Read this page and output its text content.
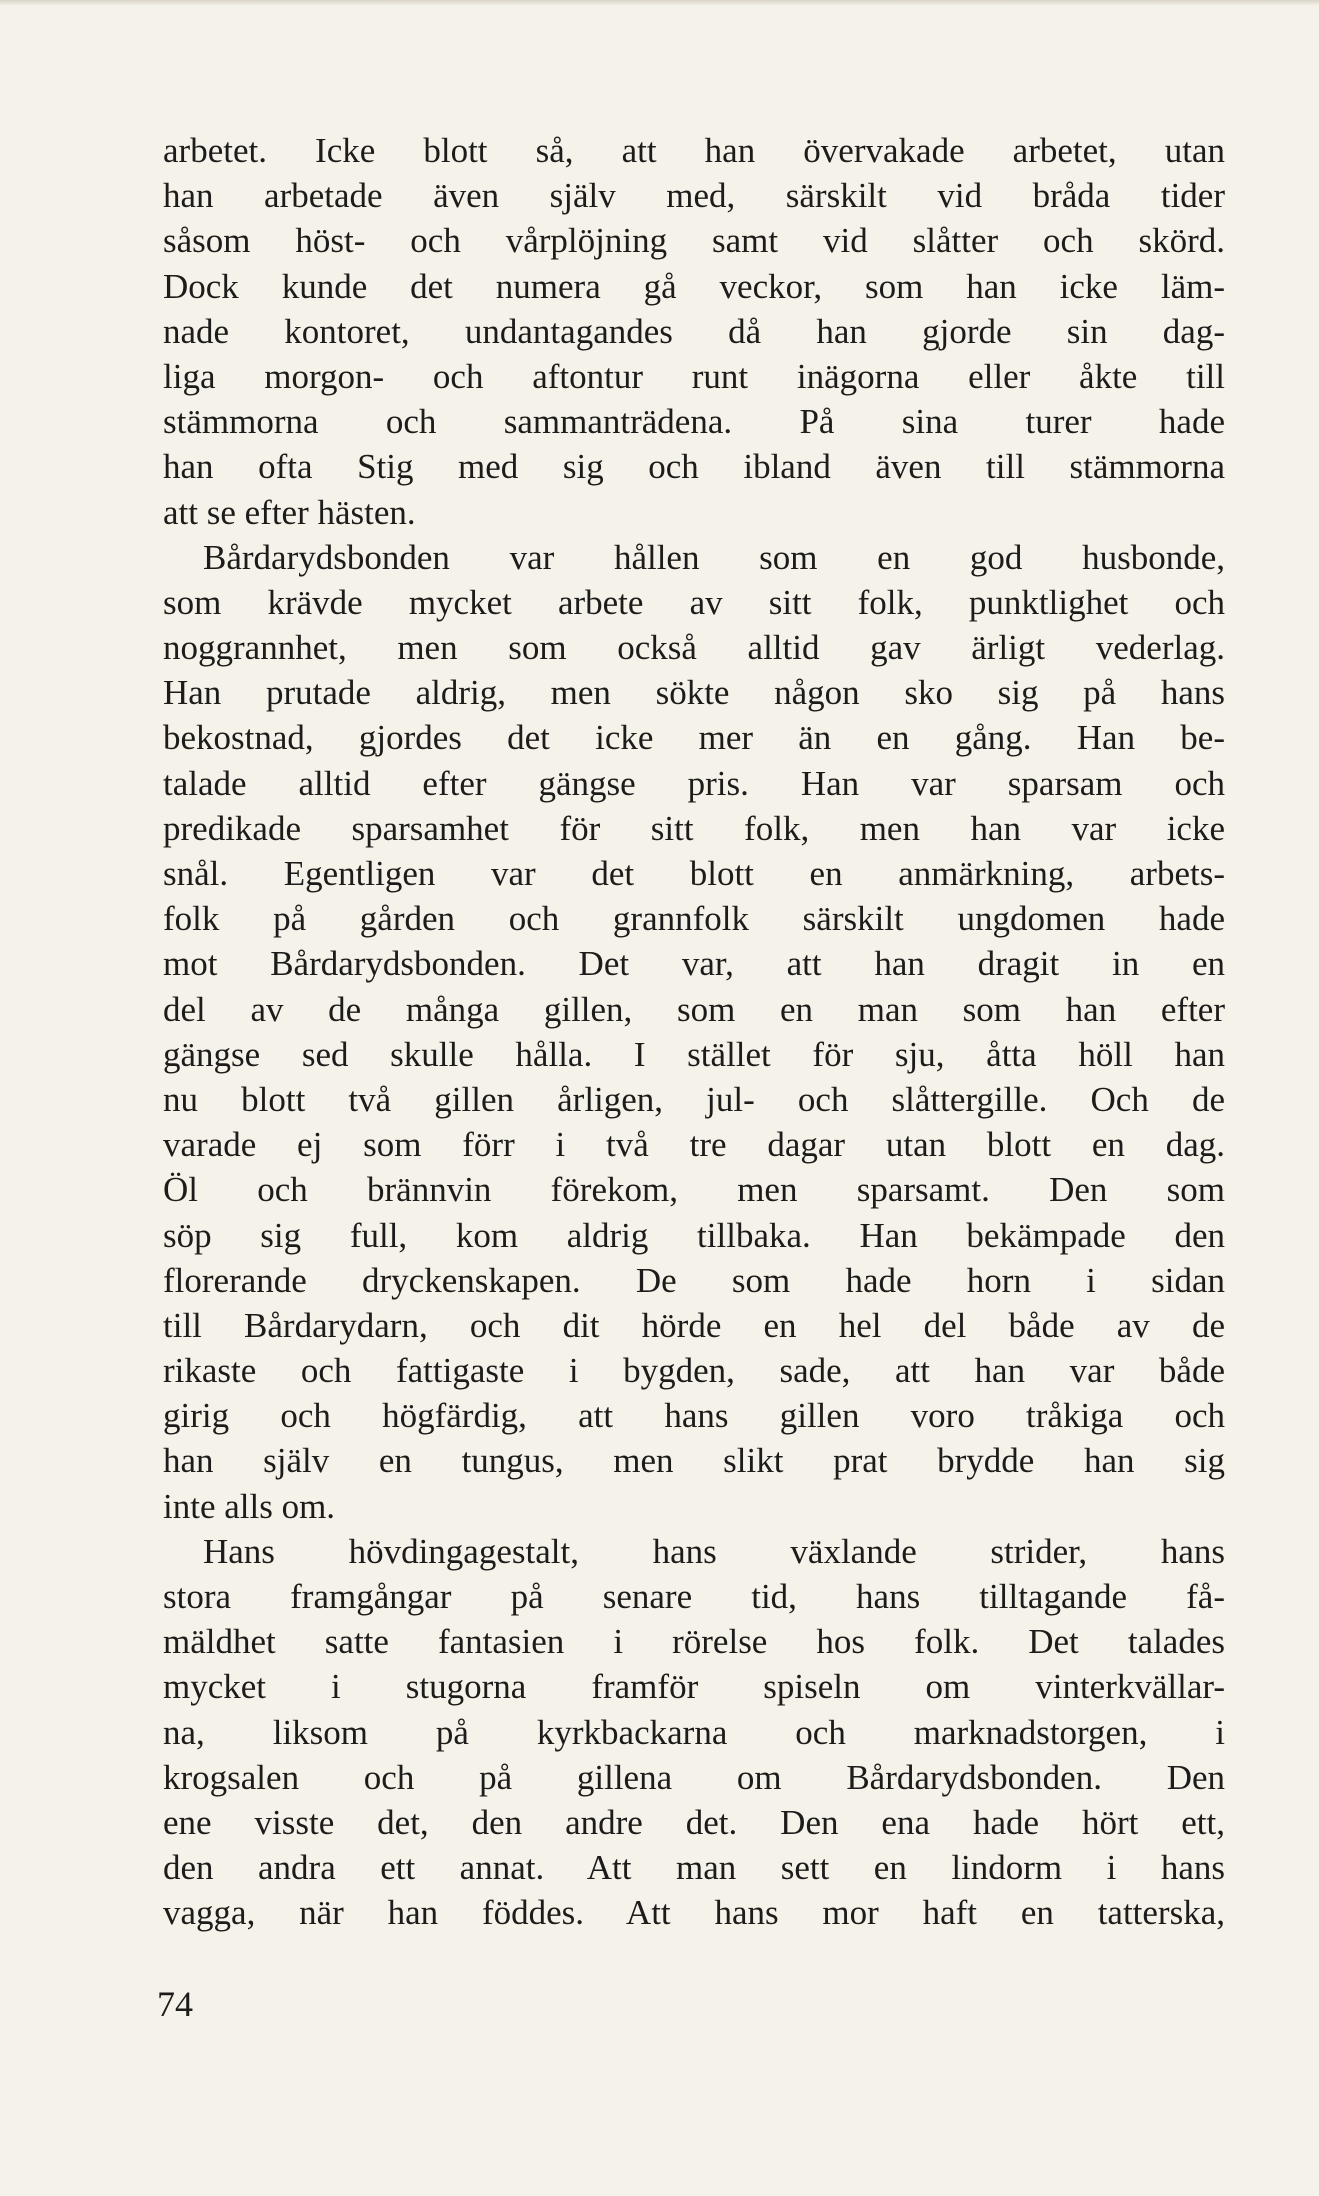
arbetet. Icke blott så, att han övervakade arbetet, utan
han arbetade även själv med, särskilt vid bråda tider
såsom höst- och vårplöjning samt vid slåtter och skörd.
Dock kunde det numera gå veckor, som han icke läm-
nade kontoret, undantagandes då han gjorde sin dag-
liga morgon- och aftontur runt inägorna eller åkte till
stämmorna och sammanträdena. På sina turer hade
han ofta Stig med sig och ibland även till stämmorna
att se efter hästen.
Bårdarydsbonden var hållen som en god husbonde,
som krävde mycket arbete av sitt folk, punktlighet och
noggrannhet, men som också alltid gav ärligt vederlag.
Han prutade aldrig, men sökte någon sko sig på hans
bekostnad, gjordes det icke mer än en gång. Han be-
talade alltid efter gängse pris. Han var sparsam och
predikade sparsamhet för sitt folk, men han var icke
snål. Egentligen var det blott en anmärkning, arbets-
folk på gården och grannfolk särskilt ungdomen hade
mot Bårdarydsbonden. Det var, att han dragit in en
del av de många gillen, som en man som han efter
gängse sed skulle hålla. I stället för sju, åtta höll han
nu blott två gillen årligen, jul- och slåttergille. Och de
varade ej som förr i två tre dagar utan blott en dag.
Öl och brännvin förekom, men sparsamt. Den som
söp sig full, kom aldrig tillbaka. Han bekämpade den
florerande dryckenskapen. De som hade horn i sidan
till Bårdarydarn, och dit hörde en hel del både av de
rikaste och fattigaste i bygden, sade, att han var både
girig och högfärdig, att hans gillen voro tråkiga och
han själv en tungus, men slikt prat brydde han sig
inte alls om.
Hans hövdingagestalt, hans växlande strider, hans
stora framgångar på senare tid, hans tilltagande få-
mäldhet satte fantasien i rörelse hos folk. Det talades
mycket i stugorna framför spiseln om vinterkvällar-
na, liksom på kyrkbackarna och marknadstorgen, i
krogsalen och på gillena om Bårdarydsbonden. Den
ene visste det, den andre det. Den ena hade hört ett,
den andra ett annat. Att man sett en lindorm i hans
vagga, när han föddes. Att hans mor haft en tatterska,
74
